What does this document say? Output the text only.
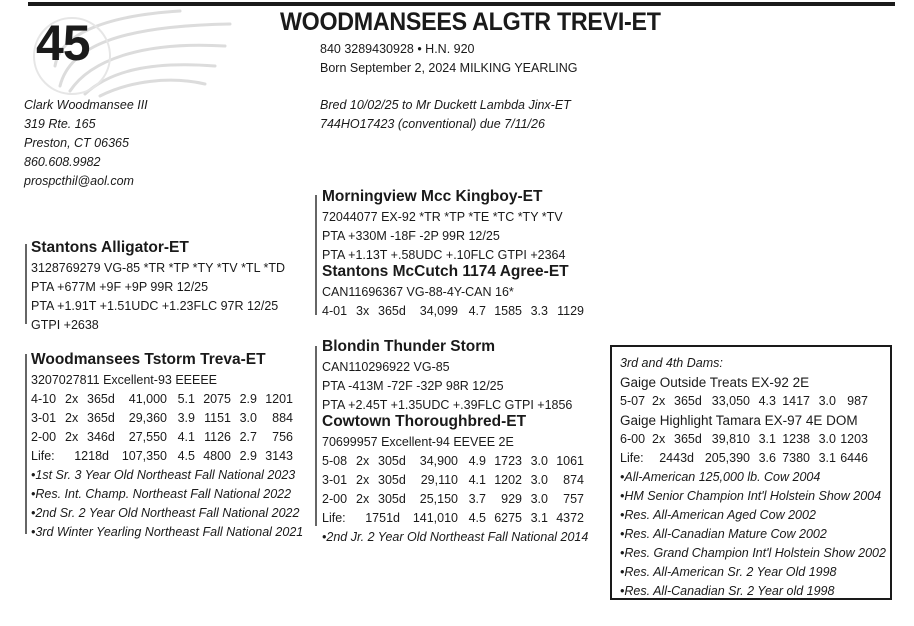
45	WOODMANSEES ALGTR TREVI-ET
840 3289430928 • H.N. 920
Born September 2, 2024 MILKING YEARLING
Clark Woodmansee III
319 Rte. 165
Preston, CT 06365
860.608.9982
prospcthil@aol.com
Bred 10/02/25 to Mr Duckett Lambda Jinx-ET
744HO17423 (conventional) due 7/11/26
Stantons Alligator-ET
3128769279 VG-85 *TR *TP *TY *TV *TL *TD
PTA +677M +9F +9P 99R 12/25
PTA +1.91T +1.51UDC +1.23FLC 97R 12/25
GTPI +2638
Woodmansees Tstorm Treva-ET
3207027811 Excellent-93 EEEEE
4-10 2x 365d	41,000 5.1 2075 2.9 1201
3-01 2x 365d	29,360 3.9 1151 3.0	884
2-00 2x 346d	27,550 4.1 1126 2.7	756
Life:	1218d	107,350 4.5 4800 2.9 3143
•1st Sr. 3 Year Old Northeast Fall National 2023
•Res. Int. Champ. Northeast Fall National 2022
•2nd Sr. 2 Year Old Northeast Fall National 2022
•3rd Winter Yearling Northeast Fall National 2021
Morningview Mcc Kingboy-ET
72044077 EX-92 *TR *TP *TE *TC *TY *TV
PTA +330M -18F -2P 99R 12/25
PTA +1.13T +.58UDC +.10FLC GTPI +2364
Stantons McCutch 1174 Agree-ET
CAN11696367 VG-88-4Y-CAN 16*
4-01 3x 365d	34,099 4.7 1585 3.3 1129
Blondin Thunder Storm
CAN110296922 VG-85
PTA -413M -72F -32P 98R 12/25
PTA +2.45T +1.35UDC +.39FLC GTPI +1856
Cowtown Thoroughbred-ET
70699957 Excellent-94 EEVEE 2E
5-08 2x 305d	34,900 4.9 1723 3.0 1061
3-01 2x 305d	29,110 4.1 1202 3.0	874
2-00 2x 305d	25,150 3.7	929 3.0	757
Life:	1751d	141,010 4.5 6275 3.1 4372
•2nd Jr. 2 Year Old Northeast Fall National 2014
3rd and 4th Dams:
Gaige Outside Treats EX-92 2E
5-07 2x 365d 33,050 4.3 1417 3.0 987
Gaige Highlight Tamara EX-97 4E DOM
6-00 2x 365d 39,810 3.1 1238 3.0 1203
Life:	2443d 205,390 3.6 7380 3.1 6446
•All-American 125,000 lb. Cow 2004
•HM Senior Champion Int'l Holstein Show 2004
•Res. All-American Aged Cow 2002
•Res. All-Canadian Mature Cow 2002
•Res. Grand Champion Int'l Holstein Show 2002
•Res. All-American Sr. 2 Year Old 1998
•Res. All-Canadian Sr. 2 Year old 1998
